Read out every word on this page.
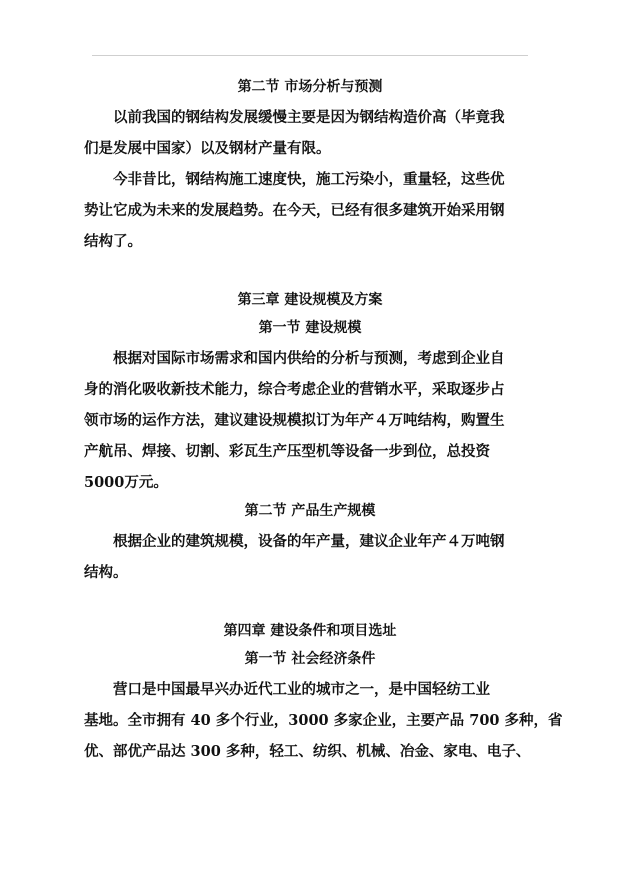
第二节 市场分析与预测

以前我国的钢结构发展缓慢主要是因为钢结构造价高（毕竟我
们是发展中国家）以及钢材产量有限。

今非昔比，钢结构施工速度快，施工污染小，重量轻，这些优
势让它成为未来的发展趋势。在今天，已经有很多建筑开始采用钢
结构了。

第三章 建设规模及方案
第一节 建设规模

根据对国际市场需求和国内供给的分析与预测，考虑到企业自
身的消化吸收新技术能力，综合考虑企业的营销水平，采取逐步占
领市场的运作方法，建议建设规模拟订为年产４万吨结构，购置生
产航吊、焊接、切割、彩瓦生产压型机等设备一步到位，总投资
5000万元。

第二节 产品生产规模

根据企业的建筑规模，设备的年产量，建议企业年产４万吨钢
结构。

第四章 建设条件和项目选址
第一节 社会经济条件

营口是中国最早兴办近代工业的城市之一，是中国轻纺工业
基地。全市拥有 40 多个行业，3000 多家企业，主要产品 700 多种，省
优、部优产品达 300 多种，轻工、纺织、机械、冶金、家电、电子、
